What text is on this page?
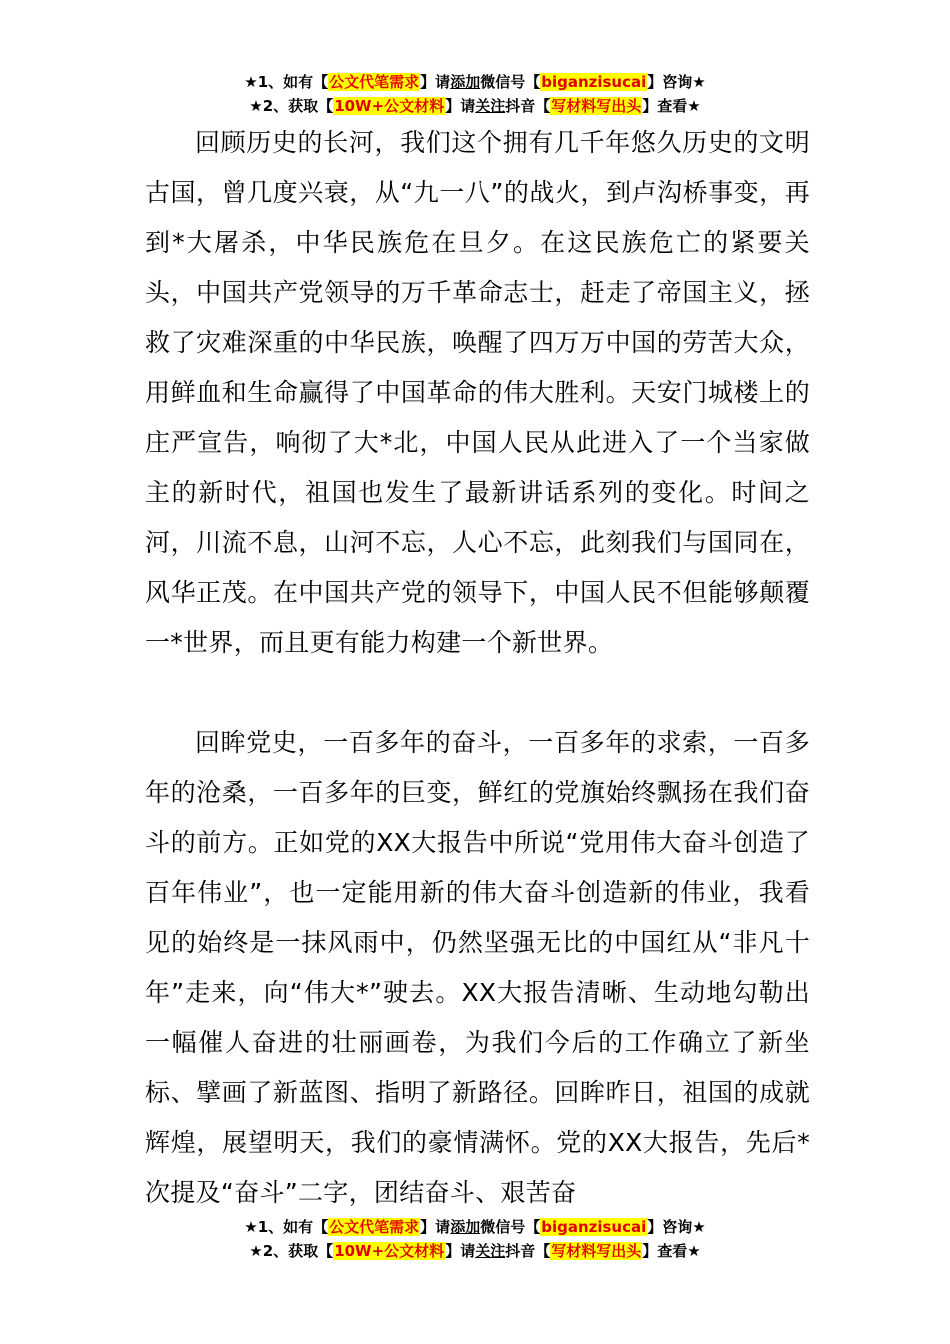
★1、如有【公文代笔需求】请添加微信号【biganzisucai】咨询★
★2、获取【10W+公文材料】请关注抖音【写材料写出头】查看★

回顾历史的长河，我们这个拥有几千年悠久历史的文明古国，曾几度兴衰，从“九一八”的战火，到卢沟桥事变，再到*大屠杀，中华民族危在旦夕。在这民族危亡的紧要关头，中国共产党领导的万千革命志士，赶走了帝国主义，拯救了灾难深重的中华民族，唤醒了四万万中国的劳苦大众，用鲜血和生命赢得了中国革命的伟大胜利。天安门城楼上的庄严宣告，响彻了大*北，中国人民从此进入了一个当家做主的新时代，祖国也发生了最新讲话系列的变化。时间之河，川流不息，山河不忘，人心不忘，此刻我们与国同在，风华正茂。在中国共产党的领导下，中国人民不但能够颠覆一*世界，而且更有能力构建一个新世界。

回眸党史，一百多年的奋斗，一百多年的求索，一百多年的沧桑，一百多年的巨变，鲜红的党旗始终飘扬在我们奋斗的前方。正如党的XX大报告中所说“党用伟大奋斗创造了百年伟业”，也一定能用新的伟大奋斗创造新的伟业，我看见的始终是一抹风雨中，仍然坚强无比的中国红从“非凡十年”走来，向“伟大*”驶去。XX大报告清晰、生动地勾勒出一幅催人奋进的壮丽画卷，为我们今后的工作确立了新坐标、擘画了新蓝图、指明了新路径。回眸昨日，祖国的成就辉煌，展望明天，我们的豪情满怀。党的XX大报告，先后*次提及“奋斗”二字，团结奋斗、艰苦奋

★1、如有【公文代笔需求】请添加微信号【biganzisucai】咨询★
★2、获取【10W+公文材料】请关注抖音【写材料写出头】查看★
